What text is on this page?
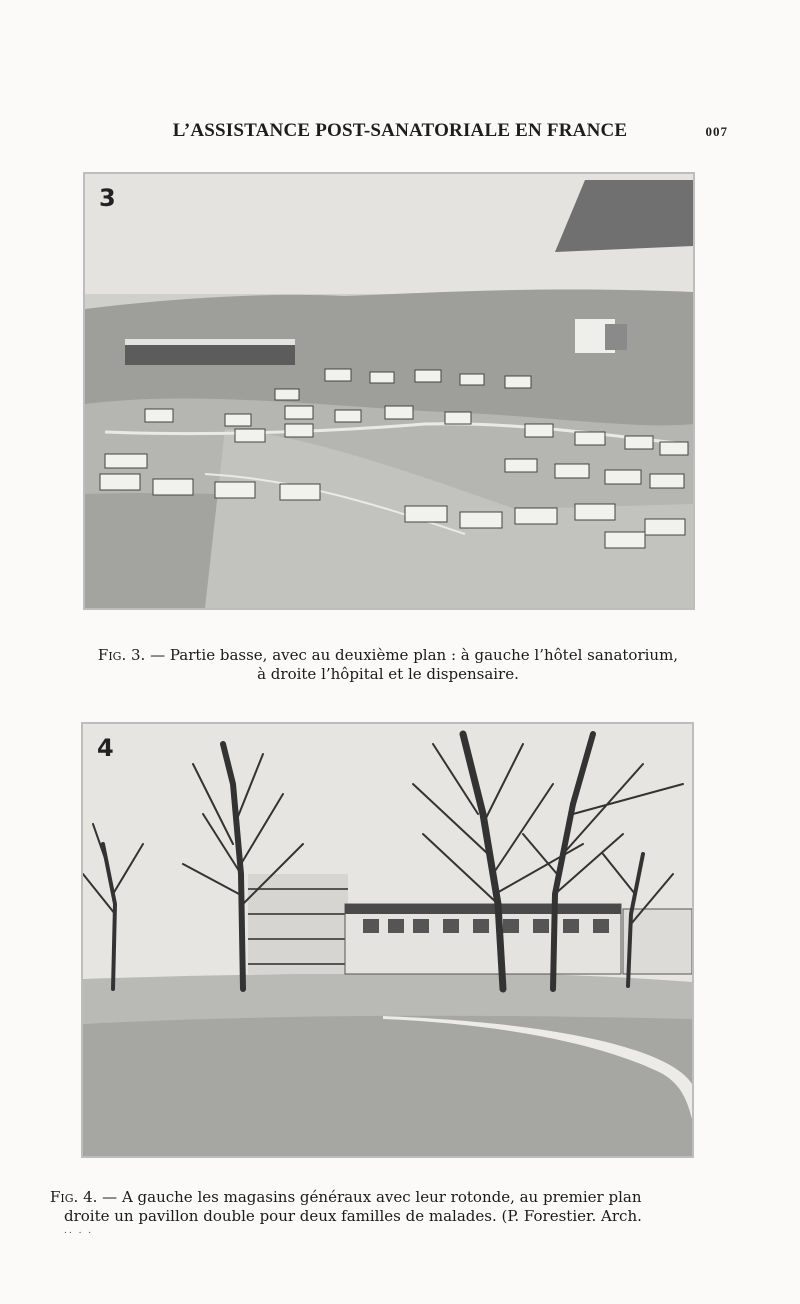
L’ASSISTANCE POST-SANATORIALE EN FRANCE	007
3
Fig. 3. — Partie basse, avec au deuxième plan : à gauche l’hôtel sanatorium,
à droite l’hôpital et le dispensaire.
4
Fig. 4. — A gauche les magasins généraux avec leur rotonde, au premier plan
droite un pavillon double pour deux familles de malades. (P. Forestier. Arch.
.. . .
